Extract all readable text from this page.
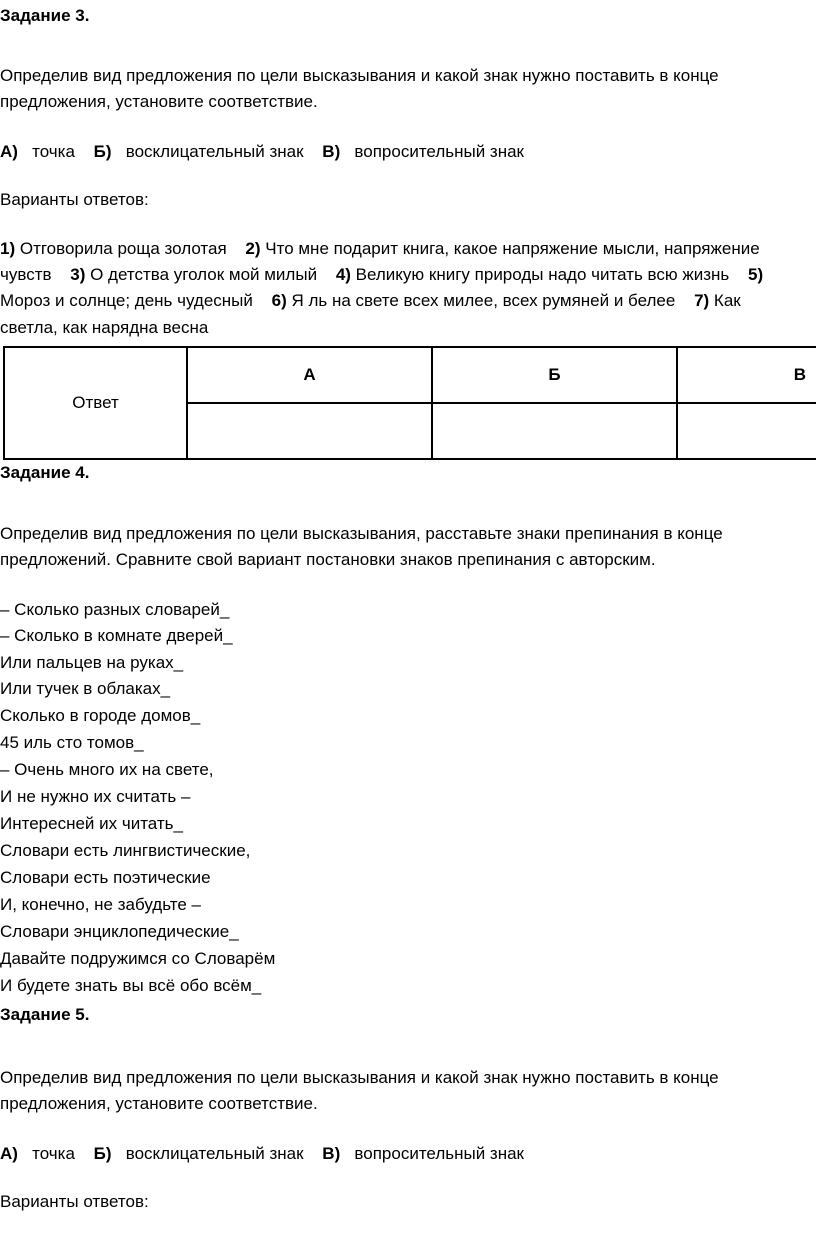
Задание 3.
Определив вид предложения по цели высказывания и какой знак нужно поставить в конце
предложения, установите соответствие.
А) точка Б) восклицательный знак В) вопросительный знак
Варианты ответов:
1) Отговорила роща золотая 2) Что мне подарит книга, какое напряжение мысли, напряжение
чувств 3) О детства уголок мой милый 4) Великую книгу природы надо читать всю жизнь 5)
Мороз и солнце; день чудесный 6) Я ль на свете всех милее, всех румяней и белее 7) Как
светла, как нарядна весна
Ответ	А	Б	В

Задание 4.
Определив вид предложения по цели высказывания, расставьте знаки препинания в конце
предложений. Сравните свой вариант постановки знаков препинания с авторским.
– Сколько разных словарей_
– Сколько в комнате дверей_
Или пальцев на руках_
Или тучек в облаках_
Сколько в городе домов_
45 иль сто томов_
– Очень много их на свете,
И не нужно их считать –
Интересней их читать_
Словари есть лингвистические,
Словари есть поэтические
И, конечно, не забудьте –
Словари энциклопедические_
Давайте подружимся со Словарём
И будете знать вы всё обо всём_
Задание 5.
Определив вид предложения по цели высказывания и какой знак нужно поставить в конце
предложения, установите соответствие.
А) точка Б) восклицательный знак В) вопросительный знак
Варианты ответов:
